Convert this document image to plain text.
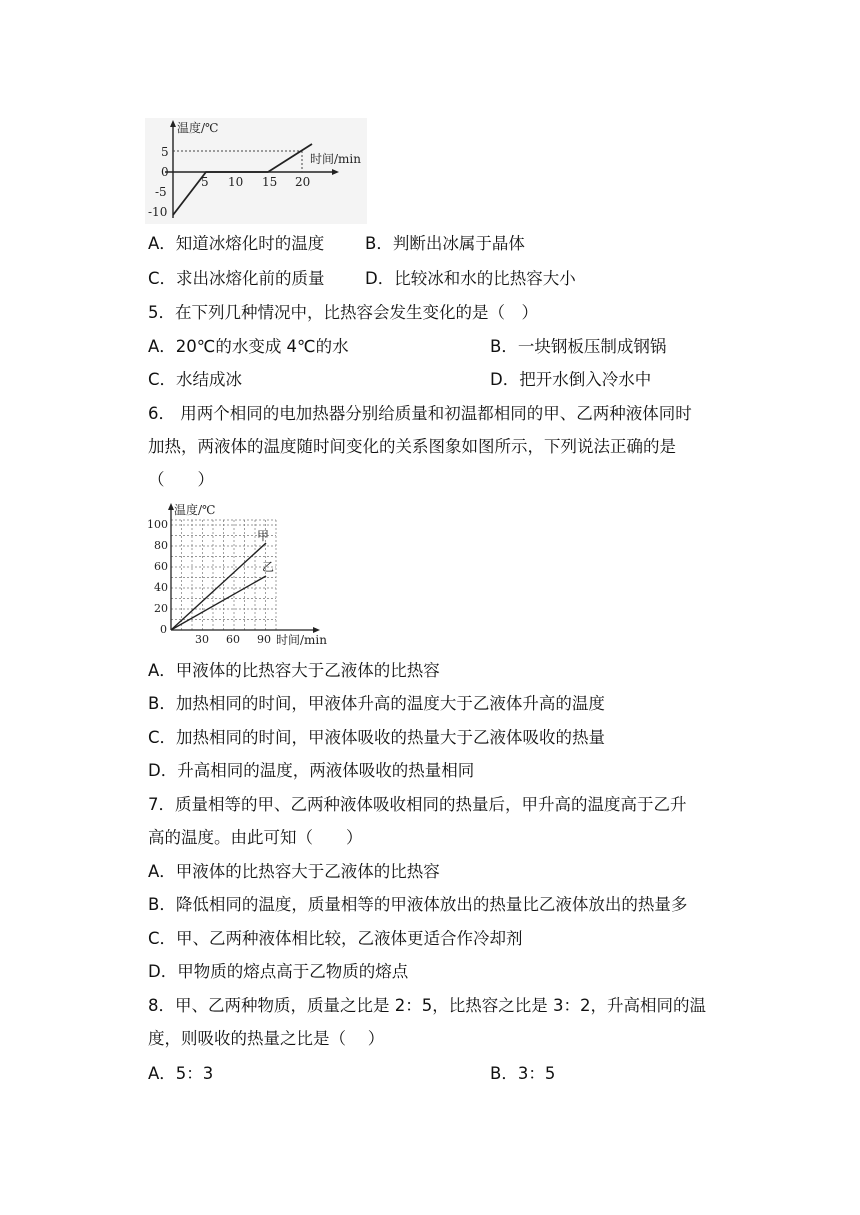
温度/℃
时间/min
5
0
-5
-10
5 10 15 20
A．知道冰熔化时的温度 B．判断出冰属于晶体
C．求出冰熔化前的质量 D．比较冰和水的比热容大小
5．在下列几种情况中，比热容会发生变化的是（　）
A．20℃的水变成 4℃的水	B．一块钢板压制成钢锅
C．水结成冰	D．把开水倒入冷水中
6． 用两个相同的电加热器分别给质量和初温都相同的甲、乙两种液体同时
加热，两液体的温度随时间变化的关系图象如图所示，下列说法正确的是
（　　）
温度/℃
时间/min
甲
乙
100
80
60
40
20
0
30 60 90
A．甲液体的比热容大于乙液体的比热容
B．加热相同的时间，甲液体升高的温度大于乙液体升高的温度
C．加热相同的时间，甲液体吸收的热量大于乙液体吸收的热量
D．升高相同的温度，两液体吸收的热量相同
7．质量相等的甲、乙两种液体吸收相同的热量后，甲升高的温度高于乙升
高的温度。由此可知（　　）
A．甲液体的比热容大于乙液体的比热容
B．降低相同的温度，质量相等的甲液体放出的热量比乙液体放出的热量多
C．甲、乙两种液体相比较，乙液体更适合作冷却剂
D．甲物质的熔点高于乙物质的熔点
8．甲、乙两种物质，质量之比是 2：5，比热容之比是 3：2，升高相同的温
度，则吸收的热量之比是（　 ）
A．5：3	B．3：5
